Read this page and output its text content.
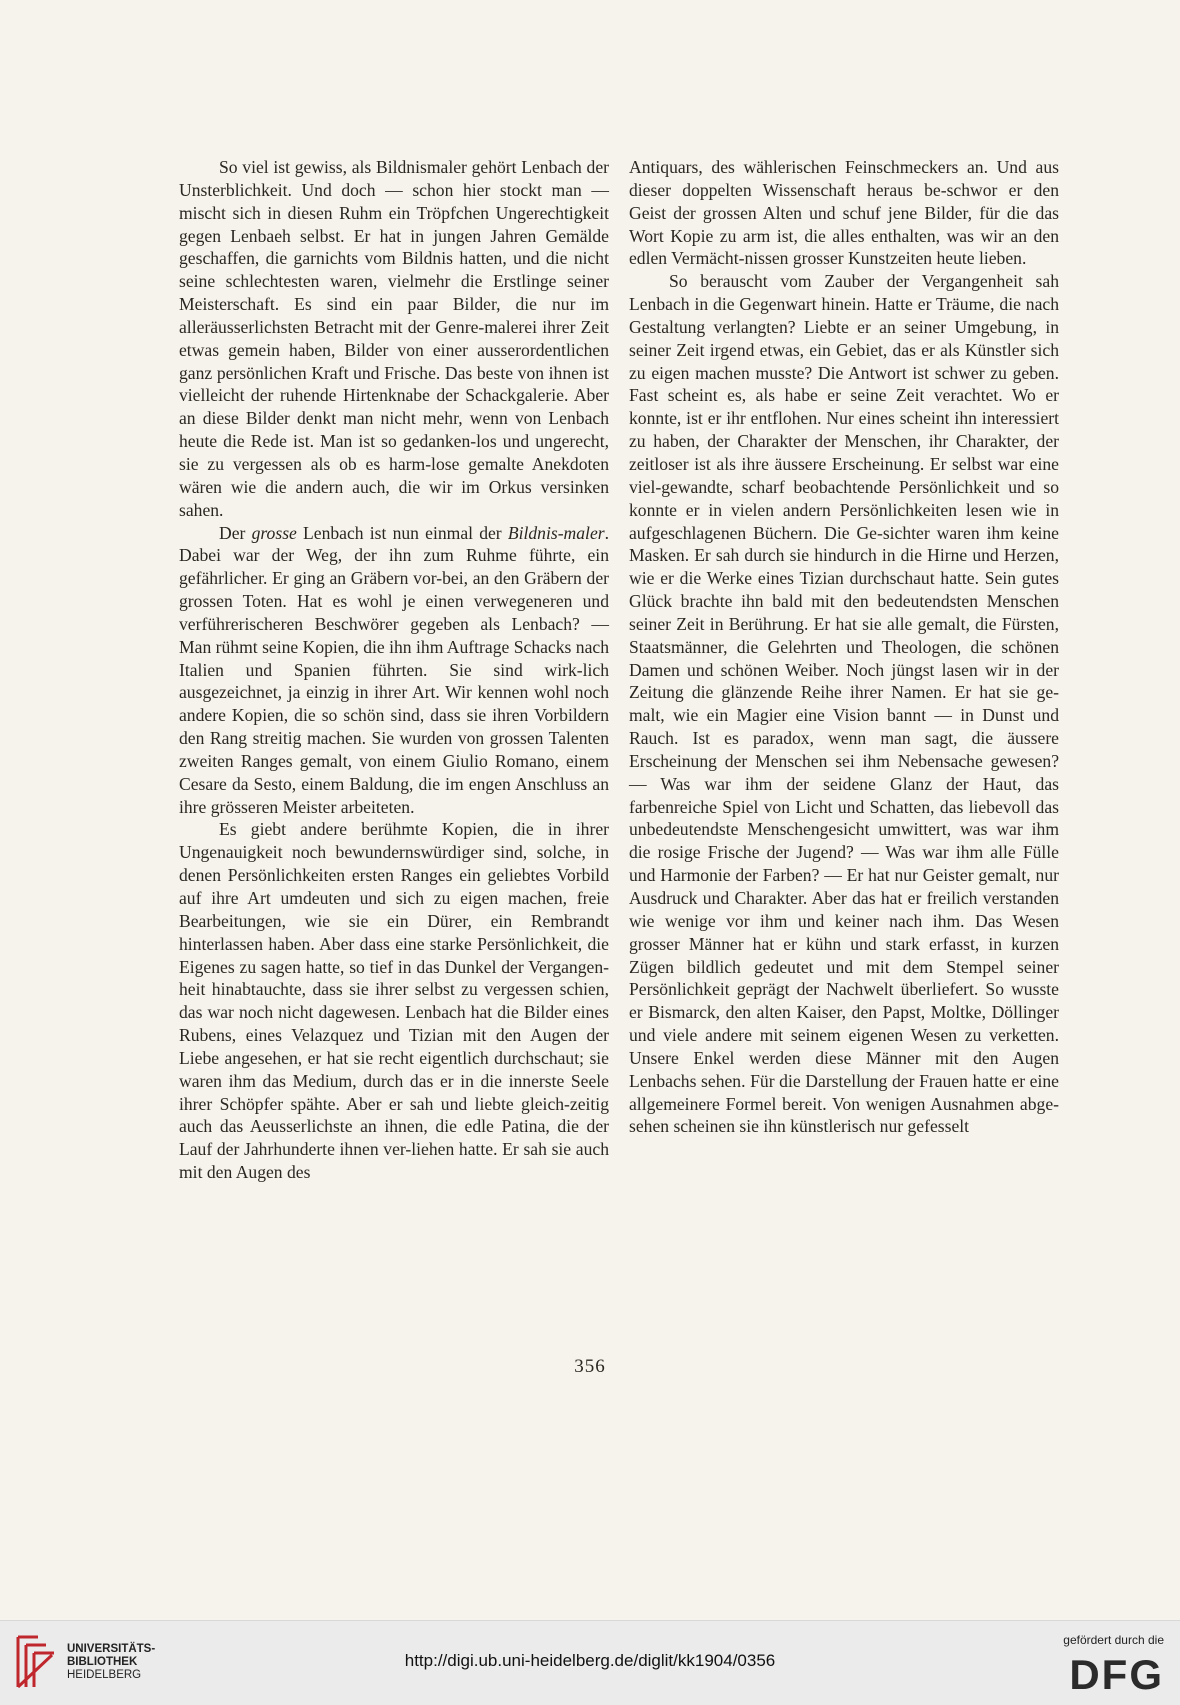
So viel ist gewiss, als Bildnismaler gehört Lenbach der Unsterblichkeit. Und doch — schon hier stockt man — mischt sich in diesen Ruhm ein Tröpfchen Ungerechtigkeit gegen Lenbaeh selbst. Er hat in jungen Jahren Gemälde geschaffen, die garnichts vom Bildnis hatten, und die nicht seine schlechtesten waren, vielmehr die Erstlinge seiner Meisterschaft. Es sind ein paar Bilder, die nur im alleräusserlichsten Betracht mit der Genre-malerei ihrer Zeit etwas gemein haben, Bilder von einer ausserordentlichen ganz persönlichen Kraft und Frische. Das beste von ihnen ist vielleicht der ruhende Hirtenknabe der Schackgalerie. Aber an diese Bilder denkt man nicht mehr, wenn von Lenbach heute die Rede ist. Man ist so gedanken-los und ungerecht, sie zu vergessen als ob es harm-lose gemalte Anekdoten wären wie die andern auch, die wir im Orkus versinken sahen.

Der grosse Lenbach ist nun einmal der Bildnis-maler. Dabei war der Weg, der ihn zum Ruhme führte, ein gefährlicher. Er ging an Gräbern vor-bei, an den Gräbern der grossen Toten. Hat es wohl je einen verwegeneren und verführerischeren Beschwörer gegeben als Lenbach? — Man rühmt seine Kopien, die ihn ihm Auftrage Schacks nach Italien und Spanien führten. Sie sind wirk-lich ausgezeichnet, ja einzig in ihrer Art. Wir kennen wohl noch andere Kopien, die so schön sind, dass sie ihren Vorbildern den Rang streitig machen. Sie wurden von grossen Talenten zweiten Ranges gemalt, von einem Giulio Romano, einem Cesare da Sesto, einem Baldung, die im engen Anschluss an ihre grösseren Meister arbeiteten.

Es giebt andere berühmte Kopien, die in ihrer Ungenauigkeit noch bewundernswürdiger sind, solche, in denen Persönlichkeiten ersten Ranges ein geliebtes Vorbild auf ihre Art umdeuten und sich zu eigen machen, freie Bearbeitungen, wie sie ein Dürer, ein Rembrandt hinterlassen haben. Aber dass eine starke Persönlichkeit, die Eigenes zu sagen hatte, so tief in das Dunkel der Vergangen-heit hinabtauchte, dass sie ihrer selbst zu vergessen schien, das war noch nicht dagewesen. Lenbach hat die Bilder eines Rubens, eines Velazquez und Tizian mit den Augen der Liebe angesehen, er hat sie recht eigentlich durchschaut; sie waren ihm das Medium, durch das er in die innerste Seele ihrer Schöpfer spähte. Aber er sah und liebte gleich-zeitig auch das Aeusserlichste an ihnen, die edle Patina, die der Lauf der Jahrhunderte ihnen ver-liehen hatte. Er sah sie auch mit den Augen des

Antiquars, des wählerischen Feinschmeckers an. Und aus dieser doppelten Wissenschaft heraus be-schwor er den Geist der grossen Alten und schuf jene Bilder, für die das Wort Kopie zu arm ist, die alles enthalten, was wir an den edlen Vermächt-nissen grosser Kunstzeiten heute lieben.

So berauscht vom Zauber der Vergangenheit sah Lenbach in die Gegenwart hinein. Hatte er Träume, die nach Gestaltung verlangten? Liebte er an seiner Umgebung, in seiner Zeit irgend etwas, ein Gebiet, das er als Künstler sich zu eigen machen musste? Die Antwort ist schwer zu geben. Fast scheint es, als habe er seine Zeit verachtet. Wo er konnte, ist er ihr entflohen. Nur eines scheint ihn interessiert zu haben, der Charakter der Menschen, ihr Charakter, der zeitloser ist als ihre äussere Erscheinung. Er selbst war eine viel-gewandte, scharf beobachtende Persönlichkeit und so konnte er in vielen andern Persönlichkeiten lesen wie in aufgeschlagenen Büchern. Die Ge-sichter waren ihm keine Masken. Er sah durch sie hindurch in die Hirne und Herzen, wie er die Werke eines Tizian durchschaut hatte. Sein gutes Glück brachte ihn bald mit den bedeutendsten Menschen seiner Zeit in Berührung. Er hat sie alle gemalt, die Fürsten, Staatsmänner, die Gelehrten und Theologen, die schönen Damen und schönen Weiber. Noch jüngst lasen wir in der Zeitung die glänzende Reihe ihrer Namen. Er hat sie ge-malt, wie ein Magier eine Vision bannt — in Dunst und Rauch. Ist es paradox, wenn man sagt, die äussere Erscheinung der Menschen sei ihm Nebensache gewesen? — Was war ihm der seidene Glanz der Haut, das farbenreiche Spiel von Licht und Schatten, das liebevoll das unbedeutendste Menschengesicht umwittert, was war ihm die rosige Frische der Jugend? — Was war ihm alle Fülle und Harmonie der Farben? — Er hat nur Geister gemalt, nur Ausdruck und Charakter. Aber das hat er freilich verstanden wie wenige vor ihm und keiner nach ihm. Das Wesen grosser Männer hat er kühn und stark erfasst, in kurzen Zügen bildlich gedeutet und mit dem Stempel seiner Persönlichkeit geprägt der Nachwelt überliefert. So wusste er Bismarck, den alten Kaiser, den Papst, Moltke, Döllinger und viele andere mit seinem eigenen Wesen zu verketten. Unsere Enkel werden diese Männer mit den Augen Lenbachs sehen. Für die Darstellung der Frauen hatte er eine allgemeinere Formel bereit. Von wenigen Ausnahmen abge-sehen scheinen sie ihn künstlerisch nur gefesselt

356
UNIVERSITÄTS-
BIBLIOTHEK
HEIDELBERG
http://digi.ub.uni-heidelberg.de/diglit/kk1904/0356
gefördert durch die
DFG
